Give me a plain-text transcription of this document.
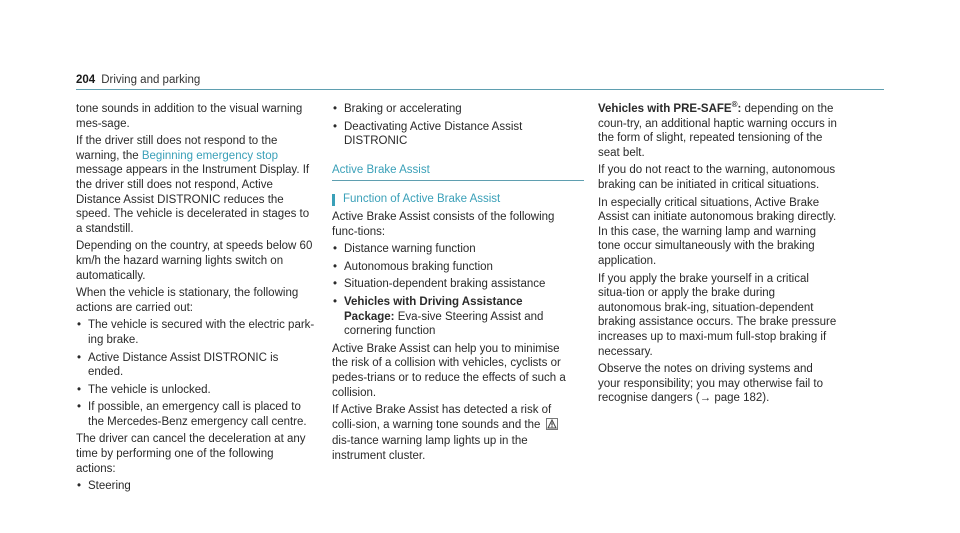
204 Driving and parking

tone sounds in addition to the visual warning mes-sage.

If the driver still does not respond to the warning, the Beginning emergency stop message appears in the Instrument Display. If the driver still does not respond, Active Distance Assist DISTRONIC reduces the speed. The vehicle is decelerated in stages to a standstill.

Depending on the country, at speeds below 60 km/h the hazard warning lights switch on automatically.

When the vehicle is stationary, the following actions are carried out:

• The vehicle is secured with the electric park-ing brake.
• Active Distance Assist DISTRONIC is ended.
• The vehicle is unlocked.
• If possible, an emergency call is placed to the Mercedes-Benz emergency call centre.

The driver can cancel the deceleration at any time by performing one of the following actions:

• Steering
• Braking or accelerating
• Deactivating Active Distance Assist DISTRONIC
Active Brake Assist
Function of Active Brake Assist

Active Brake Assist consists of the following func-tions:

• Distance warning function
• Autonomous braking function
• Situation-dependent braking assistance
• Vehicles with Driving Assistance Package: Eva-sive Steering Assist and cornering function

Active Brake Assist can help you to minimise the risk of a collision with vehicles, cyclists or pedes-trians or to reduce the effects of such a collision.

If Active Brake Assist has detected a risk of colli-sion, a warning tone sounds and the  dis-tance warning lamp lights up in the instrument cluster.

Vehicles with PRE-SAFE®: depending on the coun-try, an additional haptic warning occurs in the form of slight, repeated tensioning of the seat belt.

If you do not react to the warning, autonomous braking can be initiated in critical situations.

In especially critical situations, Active Brake Assist can initiate autonomous braking directly. In this case, the warning lamp and warning tone occur simultaneously with the braking application.

If you apply the brake yourself in a critical situa-tion or apply the brake during autonomous brak-ing, situation-dependent braking assistance occurs. The brake pressure increases up to maxi-mum full-stop braking if necessary.

Observe the notes on driving systems and your responsibility; you may otherwise fail to recognise dangers (→ page 182).
